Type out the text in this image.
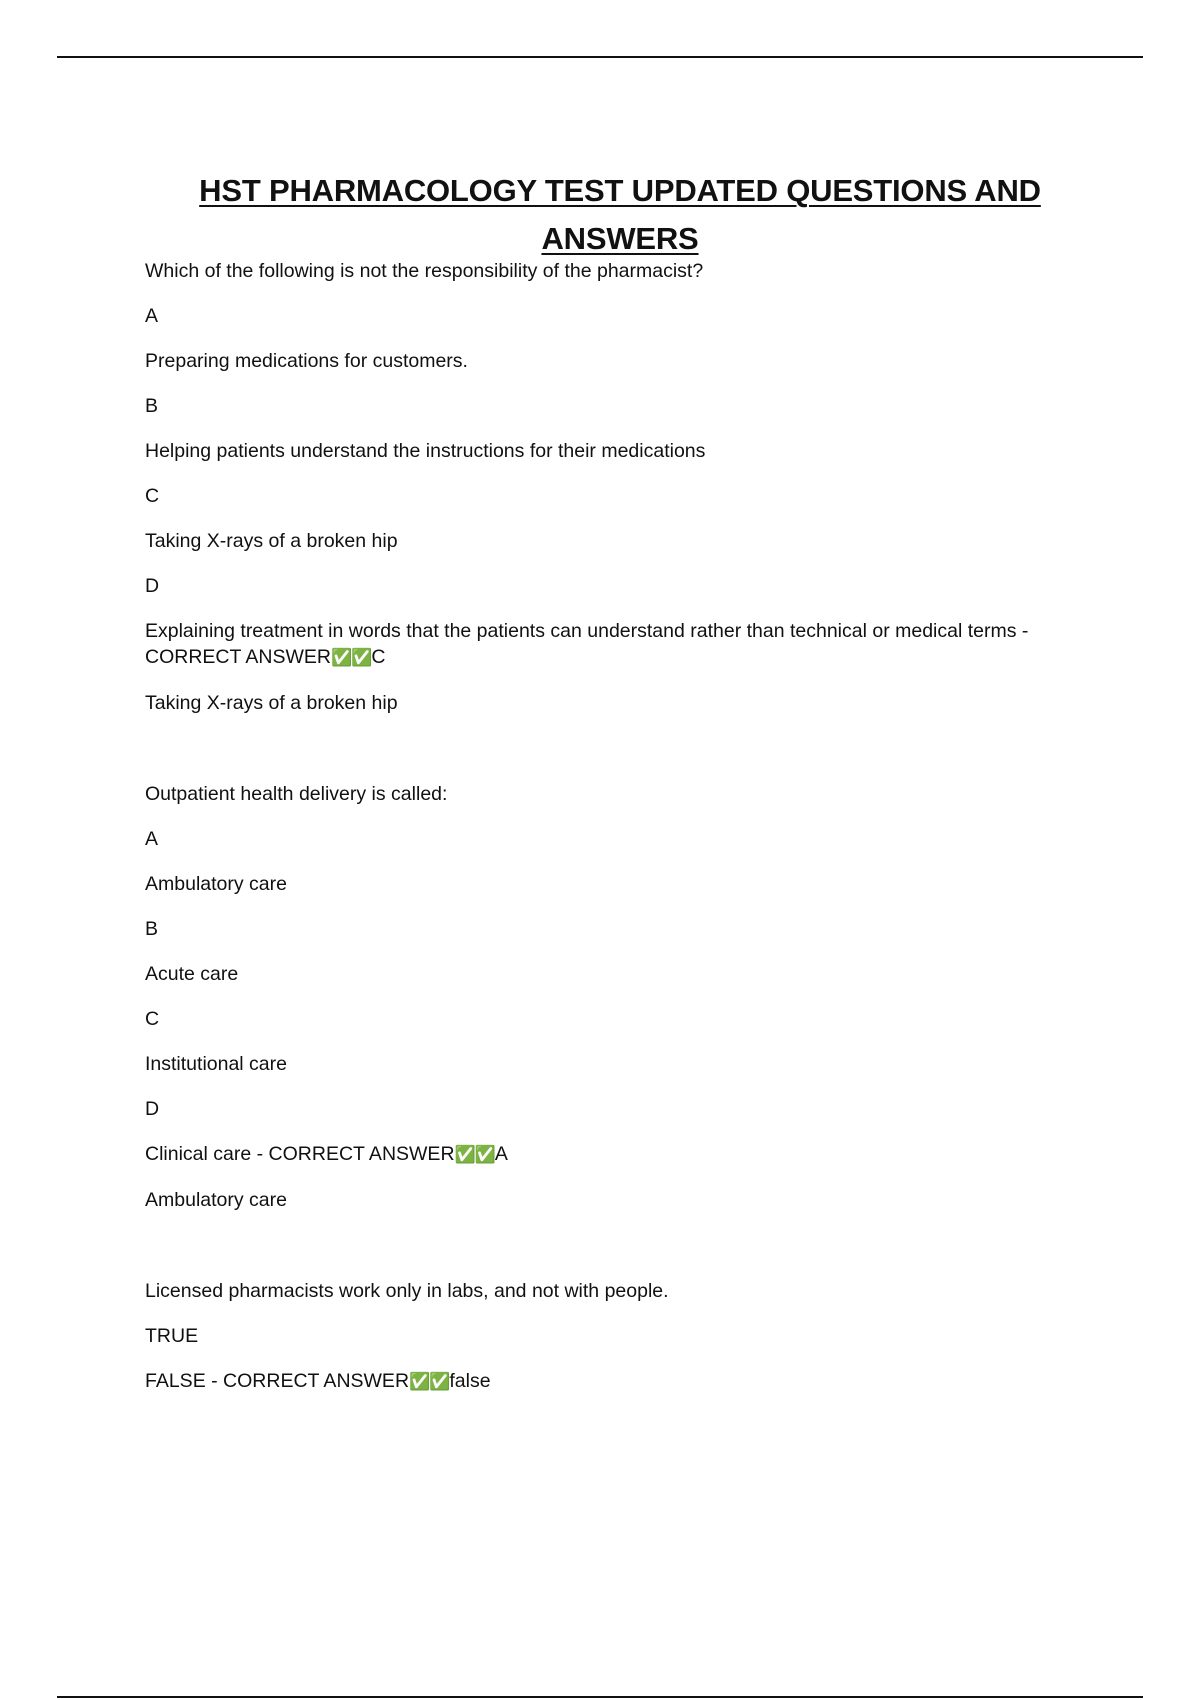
HST PHARMACOLOGY TEST UPDATED QUESTIONS AND ANSWERS

Which of the following is not the responsibility of the pharmacist?

A

Preparing medications for customers.

B

Helping patients understand the instructions for their medications

C

Taking X-rays of a broken hip

D

Explaining treatment in words that the patients can understand rather than technical or medical terms - CORRECT ANSWER✅✅C

Taking X-rays of a broken hip

Outpatient health delivery is called:

A

Ambulatory care

B

Acute care

C

Institutional care

D

Clinical care - CORRECT ANSWER✅✅A

Ambulatory care

Licensed pharmacists work only in labs, and not with people.

TRUE

FALSE - CORRECT ANSWER✅✅false
